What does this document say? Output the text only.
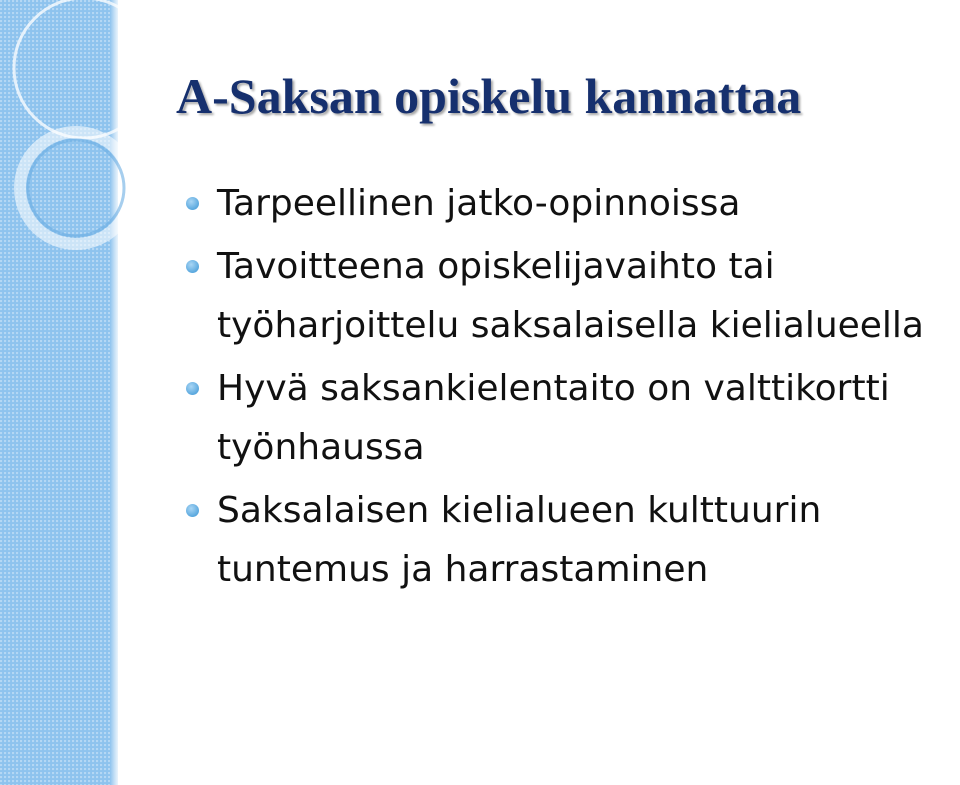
A-Saksan opiskelu kannattaa
Tarpeellinen jatko-opinnoissa
Tavoitteena opiskelijavaihto tai työharjoittelu saksalaisella kielialueella
Hyvä saksankielentaito on valttikortti työnhaussa
Saksalaisen kielialueen kulttuurin tuntemus ja harrastaminen
